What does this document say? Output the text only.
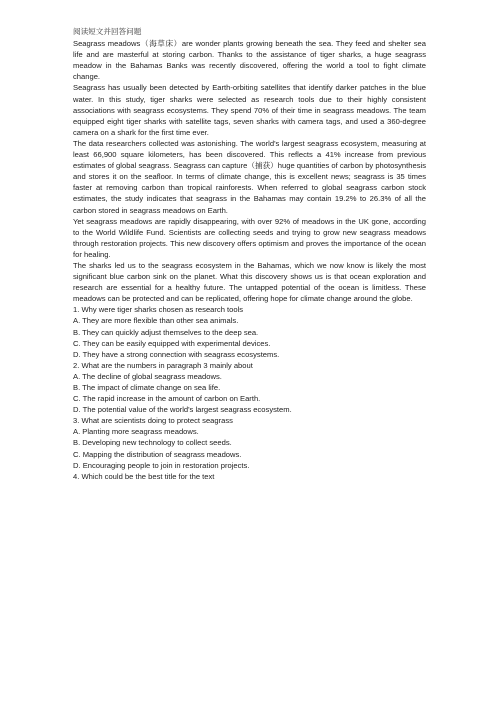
阅读短文并回答问题

Seagrass meadows（海草床）are wonder plants growing beneath the sea. They feed and shelter sea life and are masterful at storing carbon. Thanks to the assistance of tiger sharks, a huge seagrass meadow in the Bahamas Banks was recently discovered, offering the world a tool to fight climate change.

Seagrass has usually been detected by Earth-orbiting satellites that identify darker patches in the blue water. In this study, tiger sharks were selected as research tools due to their highly consistent associations with seagrass ecosystems. They spend 70% of their time in seagrass meadows. The team equipped eight tiger sharks with satellite tags, seven sharks with camera tags, and used a 360-degree camera on a shark for the first time ever.

The data researchers collected was astonishing. The world's largest seagrass ecosystem, measuring at least 66,900 square kilometers, has been discovered. This reflects a 41% increase from previous estimates of global seagrass. Seagrass can capture（捕获）huge quantities of carbon by photosynthesis and stores it on the seafloor. In terms of climate change, this is excellent news; seagrass is 35 times faster at removing carbon than tropical rainforests. When referred to global seagrass carbon stock estimates, the study indicates that seagrass in the Bahamas may contain 19.2% to 26.3% of all the carbon stored in seagrass meadows on Earth.

Yet seagrass meadows are rapidly disappearing, with over 92% of meadows in the UK gone, according to the World Wildlife Fund. Scientists are collecting seeds and trying to grow new seagrass meadows through restoration projects. This new discovery offers optimism and proves the importance of the ocean for healing.

The sharks led us to the seagrass ecosystem in the Bahamas, which we now know is likely the most significant blue carbon sink on the planet. What this discovery shows us is that ocean exploration and research are essential for a healthy future. The untapped potential of the ocean is limitless. These meadows can be protected and can be replicated, offering hope for climate change around the globe.

1. Why were tiger sharks chosen as research tools

A. They are more flexible than other sea animals.

B. They can quickly adjust themselves to the deep sea.

C. They can be easily equipped with experimental devices.

D. They have a strong connection with seagrass ecosystems.

2. What are the numbers in paragraph 3 mainly about

A. The decline of global seagrass meadows.

B. The impact of climate change on sea life.

C. The rapid increase in the amount of carbon on Earth.

D. The potential value of the world's largest seagrass ecosystem.

3. What are scientists doing to protect seagrass

A. Planting more seagrass meadows.

B. Developing new technology to collect seeds.

C. Mapping the distribution of seagrass meadows.

D. Encouraging people to join in restoration projects.

4. Which could be the best title for the text
